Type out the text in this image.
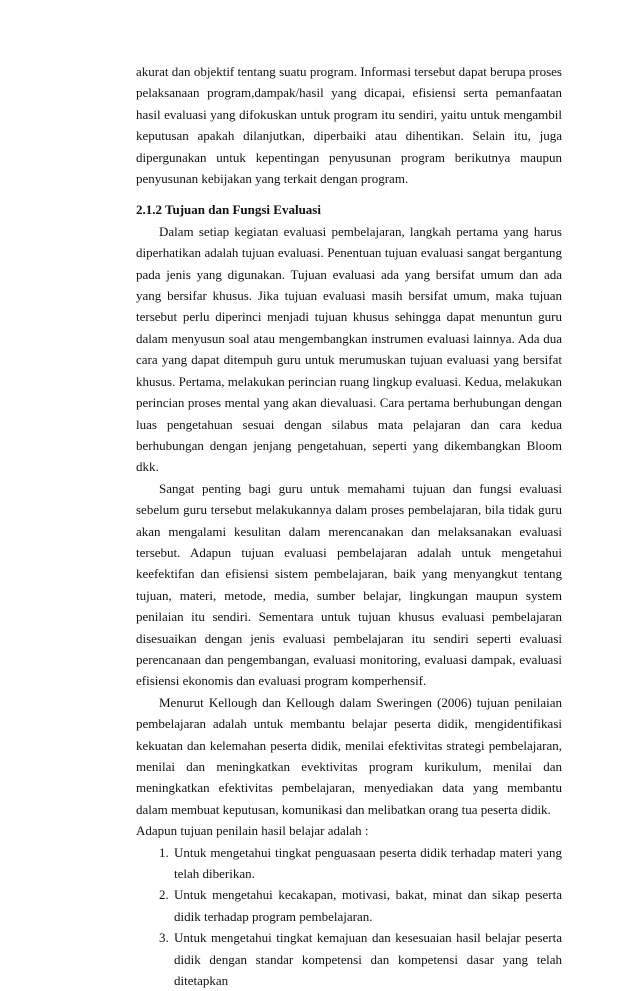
akurat dan objektif tentang suatu program. Informasi tersebut dapat berupa proses pelaksanaan program,dampak/hasil yang dicapai, efisiensi serta pemanfaatan hasil evaluasi yang difokuskan untuk program itu sendiri, yaitu untuk mengambil keputusan apakah dilanjutkan, diperbaiki atau dihentikan. Selain itu, juga dipergunakan untuk kepentingan penyusunan program berikutnya maupun penyusunan kebijakan yang terkait dengan program.

2.1.2 Tujuan dan Fungsi Evaluasi

Dalam setiap kegiatan evaluasi pembelajaran, langkah pertama yang harus diperhatikan adalah tujuan evaluasi. Penentuan tujuan evaluasi sangat bergantung pada jenis yang digunakan. Tujuan evaluasi ada yang bersifat umum dan ada yang bersifar khusus. Jika tujuan evaluasi masih bersifat umum, maka tujuan tersebut perlu diperinci menjadi tujuan khusus sehingga dapat menuntun guru dalam menyusun soal atau mengembangkan instrumen evaluasi lainnya. Ada dua cara yang dapat ditempuh guru untuk merumuskan tujuan evaluasi yang bersifat khusus. Pertama, melakukan perincian ruang lingkup evaluasi. Kedua, melakukan perincian proses mental yang akan dievaluasi. Cara pertama berhubungan dengan luas pengetahuan sesuai dengan silabus mata pelajaran dan cara kedua berhubungan dengan jenjang pengetahuan, seperti yang dikembangkan Bloom dkk.

Sangat penting bagi guru untuk memahami tujuan dan fungsi evaluasi sebelum guru tersebut melakukannya dalam proses pembelajaran, bila tidak guru akan mengalami kesulitan dalam merencanakan dan melaksanakan evaluasi tersebut. Adapun tujuan evaluasi pembelajaran adalah untuk mengetahui keefektifan dan efisiensi sistem pembelajaran, baik yang menyangkut tentang tujuan, materi, metode, media, sumber belajar, lingkungan maupun system penilaian itu sendiri. Sementara untuk tujuan khusus evaluasi pembelajaran disesuaikan dengan jenis evaluasi pembelajaran itu sendiri seperti evaluasi perencanaan dan pengembangan, evaluasi monitoring, evaluasi dampak, evaluasi efisiensi ekonomis dan evaluasi program komperhensif.

Menurut Kellough dan Kellough dalam Sweringen (2006) tujuan penilaian pembelajaran adalah untuk membantu belajar peserta didik, mengidentifikasi kekuatan dan kelemahan peserta didik, menilai efektivitas strategi pembelajaran, menilai dan meningkatkan evektivitas program kurikulum, menilai dan meningkatkan efektivitas pembelajaran, menyediakan data yang membantu dalam membuat keputusan, komunikasi dan melibatkan orang tua peserta didik.

Adapun tujuan penilain hasil belajar adalah :

1. Untuk mengetahui tingkat penguasaan peserta didik terhadap materi yang telah diberikan.
2. Untuk mengetahui kecakapan, motivasi, bakat, minat dan sikap peserta didik terhadap program pembelajaran.
3. Untuk mengetahui tingkat kemajuan dan kesesuaian hasil belajar peserta didik dengan standar kompetensi dan kompetensi dasar yang telah ditetapkan
